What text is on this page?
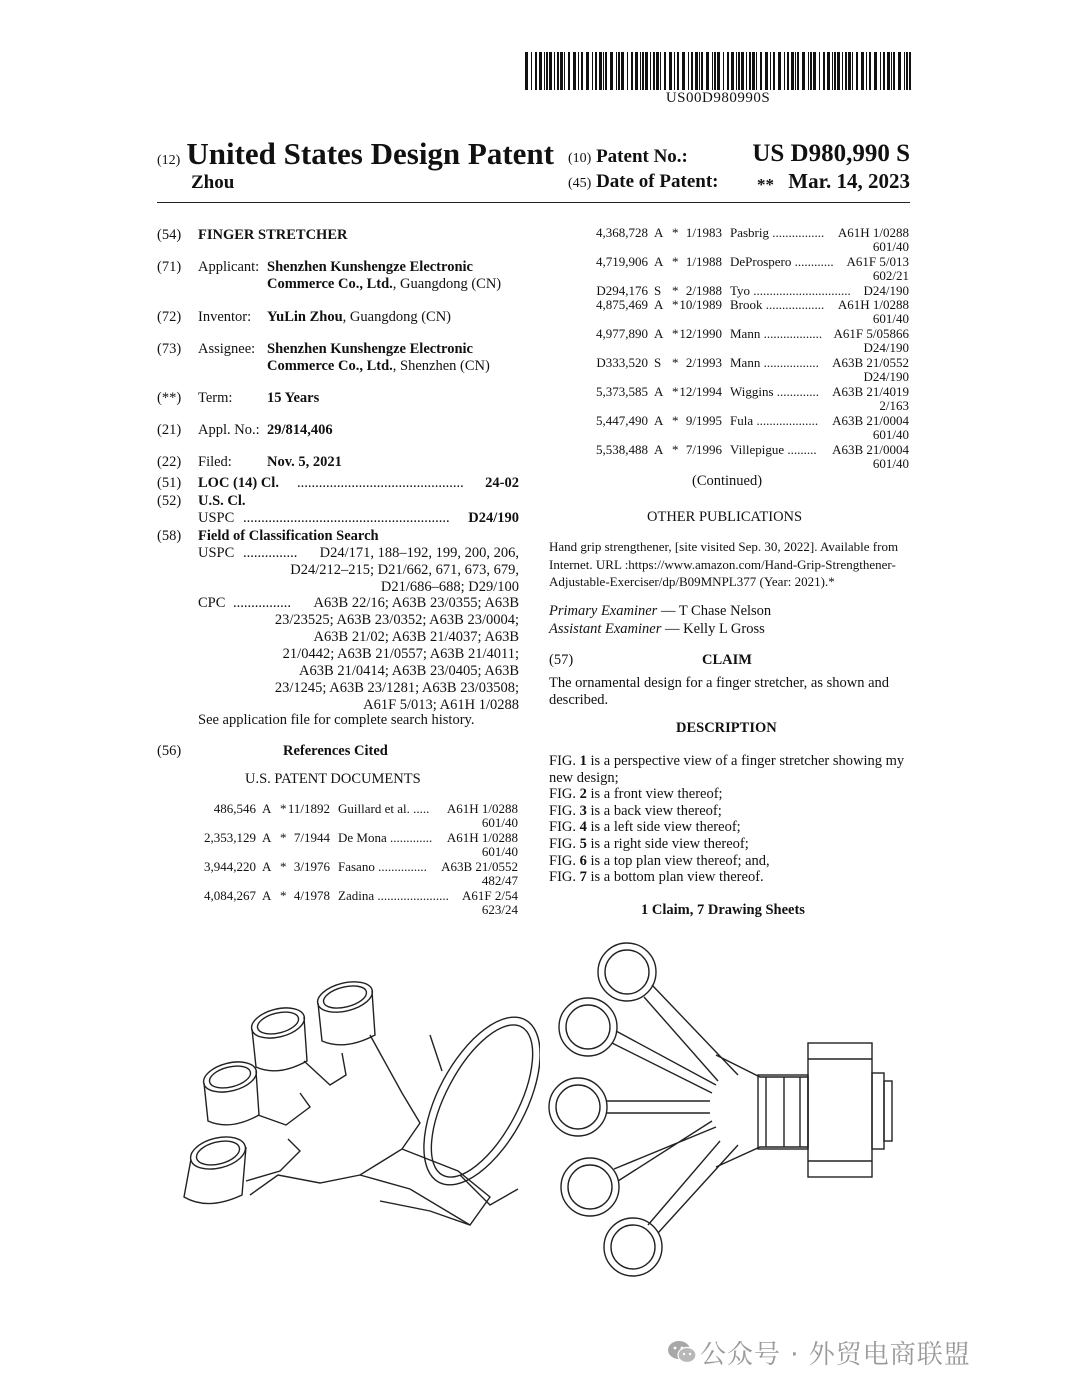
US00D980990S
(12) United States Design Patent
Zhou
(10) Patent No.:	US D980,990 S
(45) Date of Patent: ** Mar. 14, 2023
(54) FINGER STRETCHER
(71) Applicant: Shenzhen Kunshengze Electronic
Commerce Co., Ltd., Guangdong (CN)
(72) Inventor: YuLin Zhou, Guangdong (CN)
(73) Assignee: Shenzhen Kunshengze Electronic
Commerce Co., Ltd., Shenzhen (CN)
(**) Term: 15 Years
(21) Appl. No.: 29/814,406
(22) Filed: Nov. 5, 2021
(51) LOC (14) Cl. .............................................. 24-02
(52) U.S. Cl.
USPC ......................................................... D24/190
(58) Field of Classification Search
USPC ...............	D24/171, 188–192, 199, 200, 206,
D24/212–215; D21/662, 671, 673, 679,
D21/686–688; D29/100
CPC ................	A63B 22/16; A63B 23/0355; A63B
23/23525; A63B 23/0352; A63B 23/0004;
A63B 21/02; A63B 21/4037; A63B
21/0442; A63B 21/0557; A63B 21/4011;
A63B 21/0414; A63B 23/0405; A63B
23/1245; A63B 23/1281; A63B 23/03508;
A61F 5/013; A61H 1/0288
See application file for complete search history.
(56)	References Cited
U.S. PATENT DOCUMENTS
486,546 A * 11/1892 Guillard et al. ..... A61H 1/0288
601/40
2,353,129 A * 7/1944 De Mona ............. A61H 1/0288
601/40
3,944,220 A * 3/1976 Fasano ............... A63B 21/0552
482/47
4,084,267 A * 4/1978 Zadina ...................... A61F 2/54
623/24
4,368,728 A * 1/1983 Pasbrig ................ A61H 1/0288
601/40
4,719,906 A * 1/1988 DeProspero ............ A61F 5/013
602/21
D294,176 S * 2/1988 Tyo .............................. D24/190
4,875,469 A * 10/1989 Brook .................. A61H 1/0288
601/40
4,977,890 A * 12/1990 Mann .................. A61F 5/05866
D24/190
D333,520 S * 2/1993 Mann ................. A63B 21/0552
D24/190
5,373,585 A * 12/1994 Wiggins ............. A63B 21/4019
2/163
5,447,490 A * 9/1995 Fula ................... A63B 21/0004
601/40
5,538,488 A * 7/1996 Villepigue ......... A63B 21/0004
601/40
(Continued)
OTHER PUBLICATIONS
Hand grip strengthener, [site visited Sep. 30, 2022]. Available from
Internet. URL :https://www.amazon.com/Hand-Grip-Strengthener-
Adjustable-Exerciser/dp/B09MNPL377 (Year: 2021).*
Primary Examiner — T Chase Nelson
Assistant Examiner — Kelly L Gross
(57)	CLAIM
The ornamental design for a finger stretcher, as shown and
described.
DESCRIPTION
FIG. 1 is a perspective view of a finger stretcher showing my
new design;
FIG. 2 is a front view thereof;
FIG. 3 is a back view thereof;
FIG. 4 is a left side view thereof;
FIG. 5 is a right side view thereof;
FIG. 6 is a top plan view thereof; and,
FIG. 7 is a bottom plan view thereof.
1 Claim, 7 Drawing Sheets
公众号 · 外贸电商联盟
